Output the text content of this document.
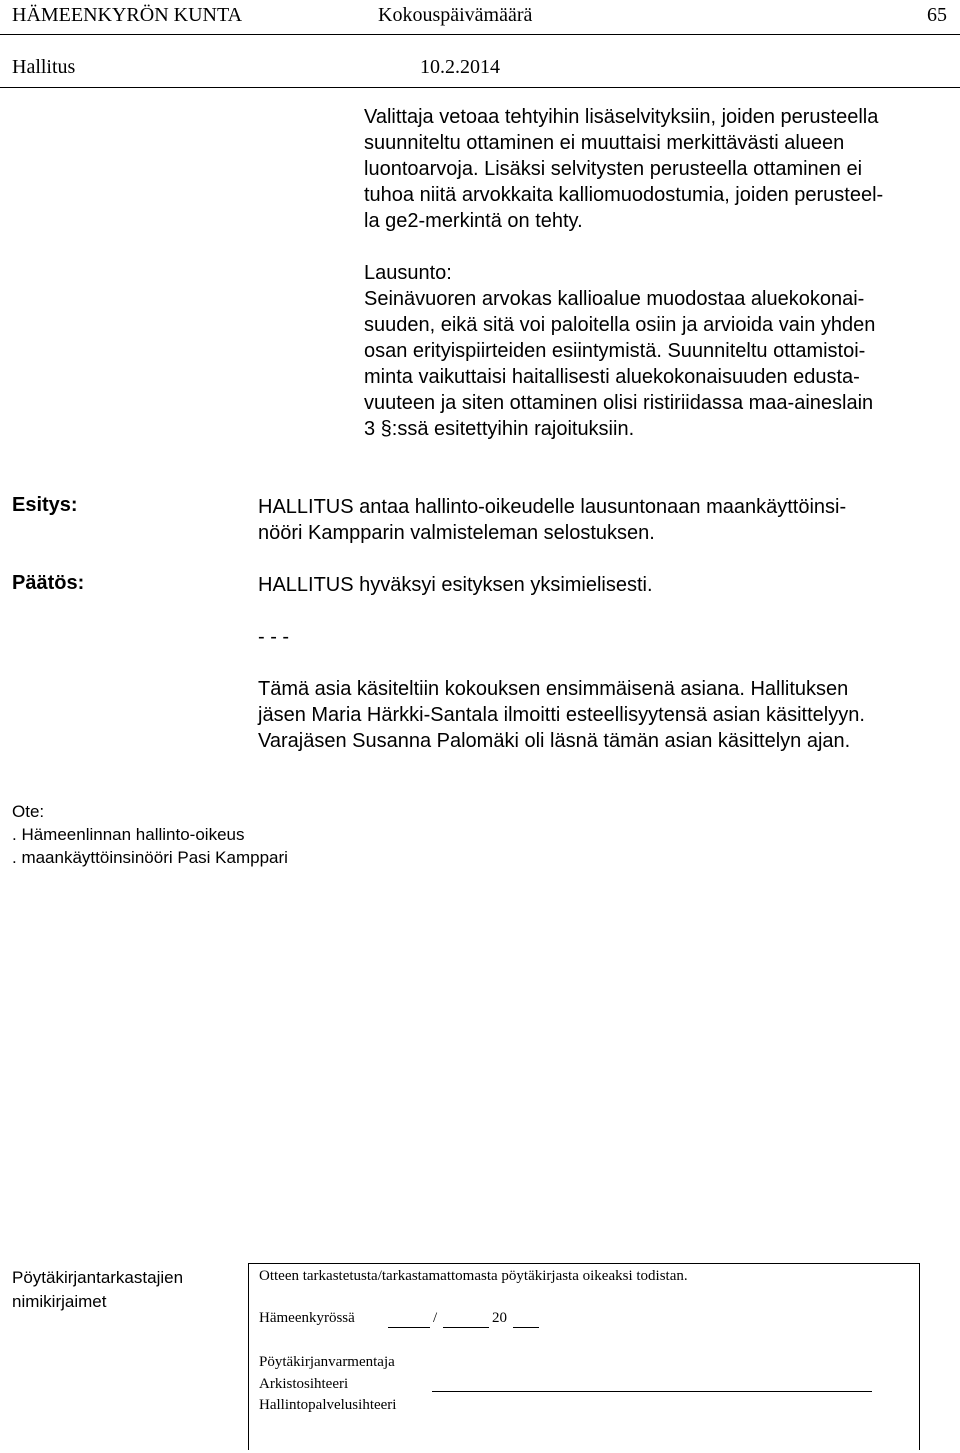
HÄMEENKYRÖN KUNTA	Kokouspäivämäärä	65
Hallitus	10.2.2014
Valittaja vetoaa tehtyihin lisäselvityksiin, joiden perusteella
suunniteltu ottaminen ei muuttaisi merkittävästi alueen
luontoarvoja. Lisäksi selvitysten perusteella ottaminen ei
tuhoa niitä arvokkaita kalliomuodostumia, joiden perusteel-
la ge2-merkintä on tehty.
Lausunto:
Seinävuoren arvokas kallioalue muodostaa aluekokonai-
suuden, eikä sitä voi paloitella osiin ja arvioida vain yhden
osan erityispiirteiden esiintymistä. Suunniteltu ottamistoi-
minta vaikuttaisi haitallisesti aluekokonaisuuden edusta-
vuuteen ja siten ottaminen olisi ristiriidassa maa-aineslain
3 §:ssä esitettyihin rajoituksiin.
Esitys:	HALLITUS antaa hallinto-oikeudelle lausuntonaan maankäyttöinsi-
nööri Kampparin valmisteleman selostuksen.
Päätös:	HALLITUS hyväksyi esityksen yksimielisesti.
- - -
Tämä asia käsiteltiin kokouksen ensimmäisenä asiana. Hallituksen
jäsen Maria Härkki-Santala ilmoitti esteellisyytensä asian käsittelyyn.
Varajäsen Susanna Palomäki oli läsnä tämän asian käsittelyn ajan.
Ote:
. Hämeenlinnan hallinto-oikeus
. maankäyttöinsinööri Pasi Kamppari
Pöytäkirjantarkastajien
nimikirjaimet
Otteen tarkastetusta/tarkastamattomasta pöytäkirjasta oikeaksi todistan.
Hämeenkyrössä	/	20
Pöytäkirjanvarmentaja
Arkistosihteeri
Hallintopalvelusihteeri
